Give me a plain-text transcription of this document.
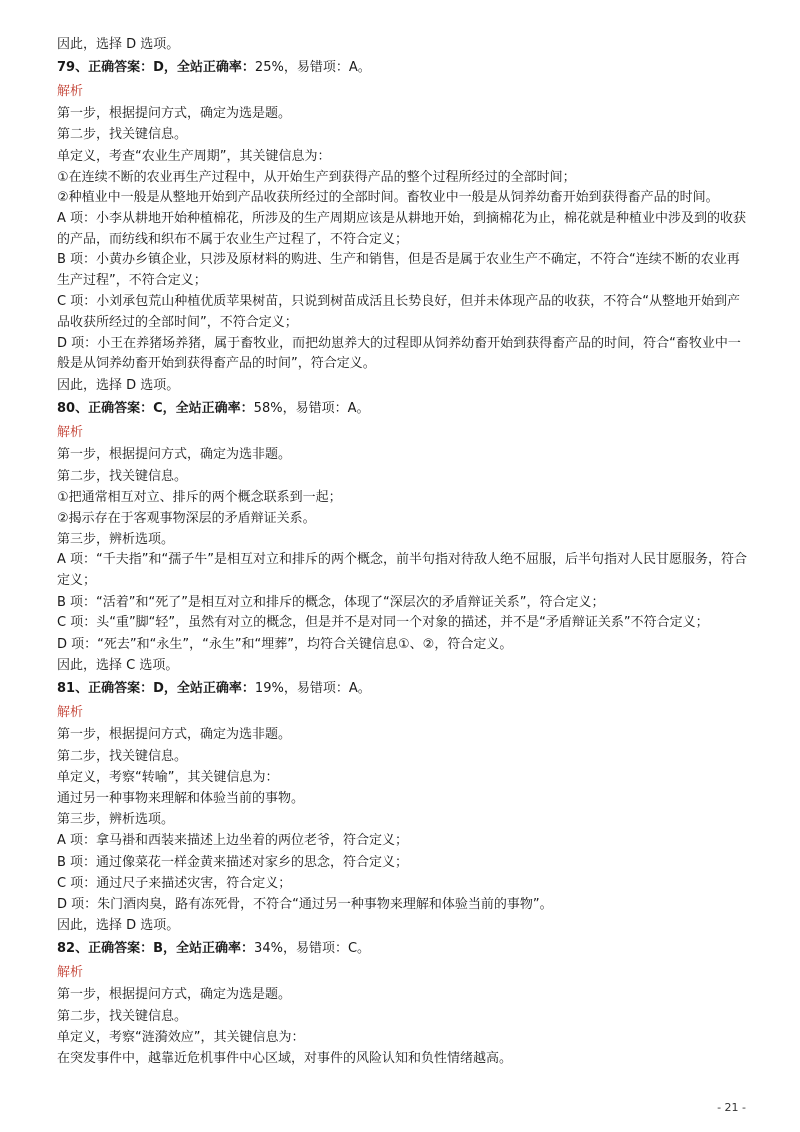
因此，选择 D 选项。

79、正确答案：D，全站正确率：25%，易错项：A。

解析

第一步，根据提问方式，确定为选是题。

第二步，找关键信息。

单定义，考查“农业生产周期”，其关键信息为：

①在连续不断的农业再生产过程中，从开始生产到获得产品的整个过程所经过的全部时间；

②种植业中一般是从整地开始到产品收获所经过的全部时间。畜牧业中一般是从饲养幼畜开始到获得畜产品的时间。

A 项：小李从耕地开始种植棉花，所涉及的生产周期应该是从耕地开始，到摘棉花为止，棉花就是种植业中涉及到的收获的产品，而纺线和织布不属于农业生产过程了，不符合定义；

B 项：小黄办乡镇企业，只涉及原材料的购进、生产和销售，但是否是属于农业生产不确定，不符合“连续不断的农业再生产过程”，不符合定义；

C 项：小刘承包荒山种植优质苹果树苗，只说到树苗成活且长势良好，但并未体现产品的收获，不符合“从整地开始到产品收获所经过的全部时间”，不符合定义；

D 项：小王在养猪场养猪，属于畜牧业，而把幼崽养大的过程即从饲养幼畜开始到获得畜产品的时间，符合“畜牧业中一般是从饲养幼畜开始到获得畜产品的时间”，符合定义。

因此，选择 D 选项。

80、正确答案：C，全站正确率：58%，易错项：A。

解析

第一步，根据提问方式，确定为选非题。

第二步，找关键信息。

①把通常相互对立、排斥的两个概念联系到一起；

②揭示存在于客观事物深层的矛盾辩证关系。

第三步，辨析选项。

A 项：“千夫指”和“孺子牛”是相互对立和排斥的两个概念，前半句指对待敌人绝不屈服，后半句指对人民甘愿服务，符合定义；

B 项：“活着”和“死了”是相互对立和排斥的概念，体现了“深层次的矛盾辩证关系”，符合定义；

C 项：头“重”脚“轻”，虽然有对立的概念，但是并不是对同一个对象的描述，并不是“矛盾辩证关系”不符合定义；

D 项：“死去”和“永生”，“永生”和“埋葬”，均符合关键信息①、②，符合定义。

因此，选择 C 选项。

81、正确答案：D，全站正确率：19%，易错项：A。

解析

第一步，根据提问方式，确定为选非题。

第二步，找关键信息。

单定义，考察“转喻”，其关键信息为：

通过另一种事物来理解和体验当前的事物。

第三步，辨析选项。

A 项：拿马褂和西装来描述上边坐着的两位老爷，符合定义；

B 项：通过像菜花一样金黄来描述对家乡的思念，符合定义；

C 项：通过尺子来描述灾害，符合定义；

D 项：朱门酒肉臭，路有冻死骨，不符合“通过另一种事物来理解和体验当前的事物”。

因此，选择 D 选项。

82、正确答案：B，全站正确率：34%，易错项：C。

解析

第一步，根据提问方式，确定为选是题。

第二步，找关键信息。

单定义，考察“涟漪效应”，其关键信息为：

在突发事件中，越靠近危机事件中心区域，对事件的风险认知和负性情绪越高。

- 21 -
